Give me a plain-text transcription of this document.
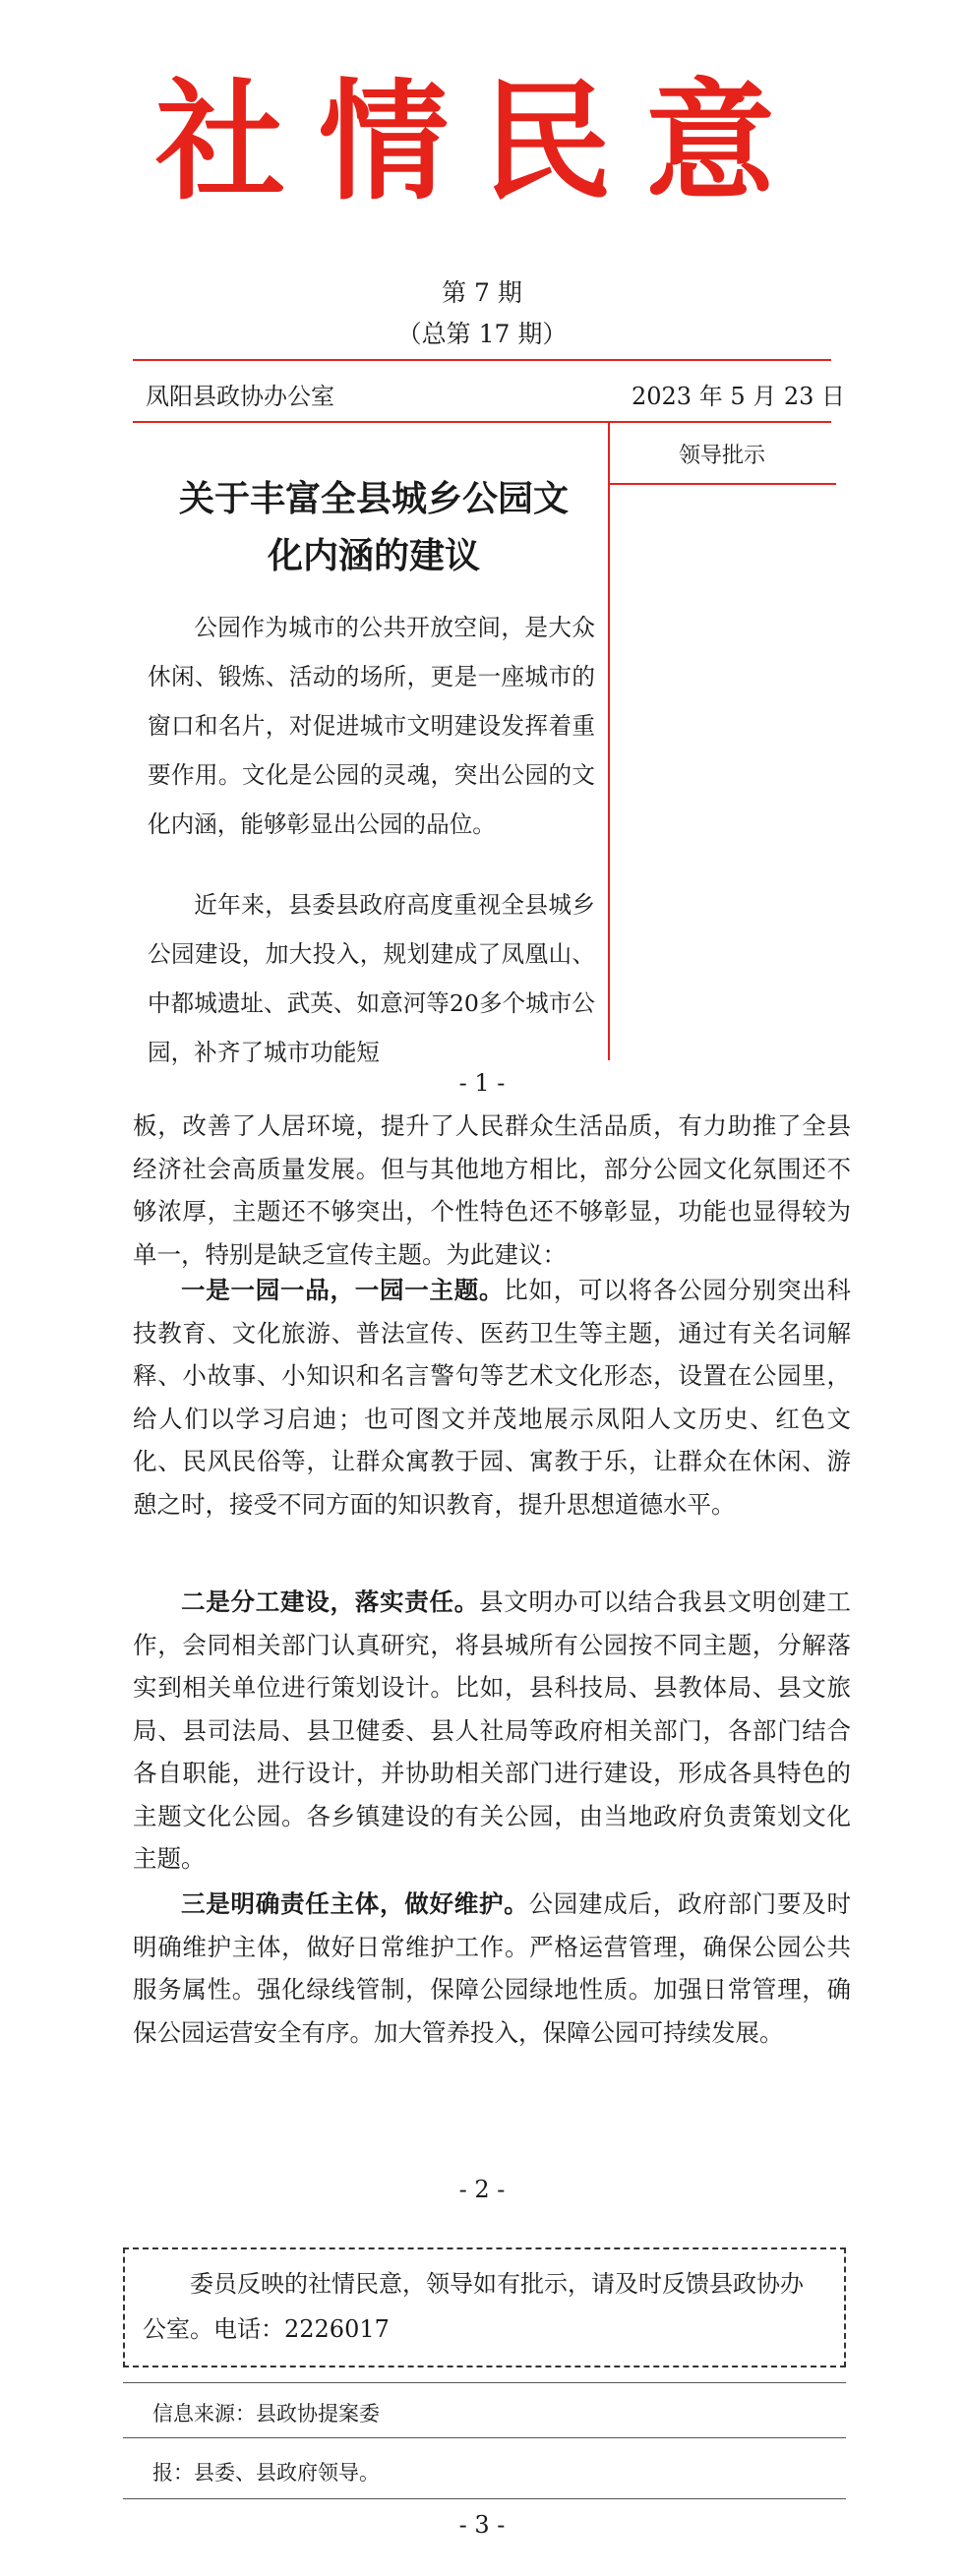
社情民意
第 7 期
（总第 17 期）
凤阳县政协办公室	2023 年 5 月 23 日
领导批示
关于丰富全县城乡公园文
化内涵的建议

公园作为城市的公共开放空间，是大众休闲、锻炼、活动的场所，更是一座城市的窗口和名片，对促进城市文明建设发挥着重要作用。文化是公园的灵魂，突出公园的文化内涵，能够彰显出公园的品位。

近年来，县委县政府高度重视全县城乡公园建设，加大投入，规划建成了凤凰山、中都城遗址、武英、如意河等20多个城市公园，补齐了城市功能短

- 1 -

板，改善了人居环境，提升了人民群众生活品质，有力助推了全县经济社会高质量发展。但与其他地方相比，部分公园文化氛围还不够浓厚，主题还不够突出，个性特色还不够彰显，功能也显得较为单一，特别是缺乏宣传主题。为此建议：

一是一园一品，一园一主题。比如，可以将各公园分别突出科技教育、文化旅游、普法宣传、医药卫生等主题，通过有关名词解释、小故事、小知识和名言警句等艺术文化形态，设置在公园里，给人们以学习启迪；也可图文并茂地展示凤阳人文历史、红色文化、民风民俗等，让群众寓教于园、寓教于乐，让群众在休闲、游憩之时，接受不同方面的知识教育，提升思想道德水平。

二是分工建设，落实责任。县文明办可以结合我县文明创建工作，会同相关部门认真研究，将县城所有公园按不同主题，分解落实到相关单位进行策划设计。比如，县科技局、县教体局、县文旅局、县司法局、县卫健委、县人社局等政府相关部门，各部门结合各自职能，进行设计，并协助相关部门进行建设，形成各具特色的主题文化公园。各乡镇建设的有关公园，由当地政府负责策划文化主题。

三是明确责任主体，做好维护。公园建成后，政府部门要及时明确维护主体，做好日常维护工作。严格运营管理，确保公园公共服务属性。强化绿线管制，保障公园绿地性质。加强日常管理，确保公园运营安全有序。加大管养投入，保障公园可持续发展。

- 2 -
委员反映的社情民意，领导如有批示，请及时反馈县政协办公室。电话：2226017
信息来源：县政协提案委
报：县委、县政府领导。
- 3 -
